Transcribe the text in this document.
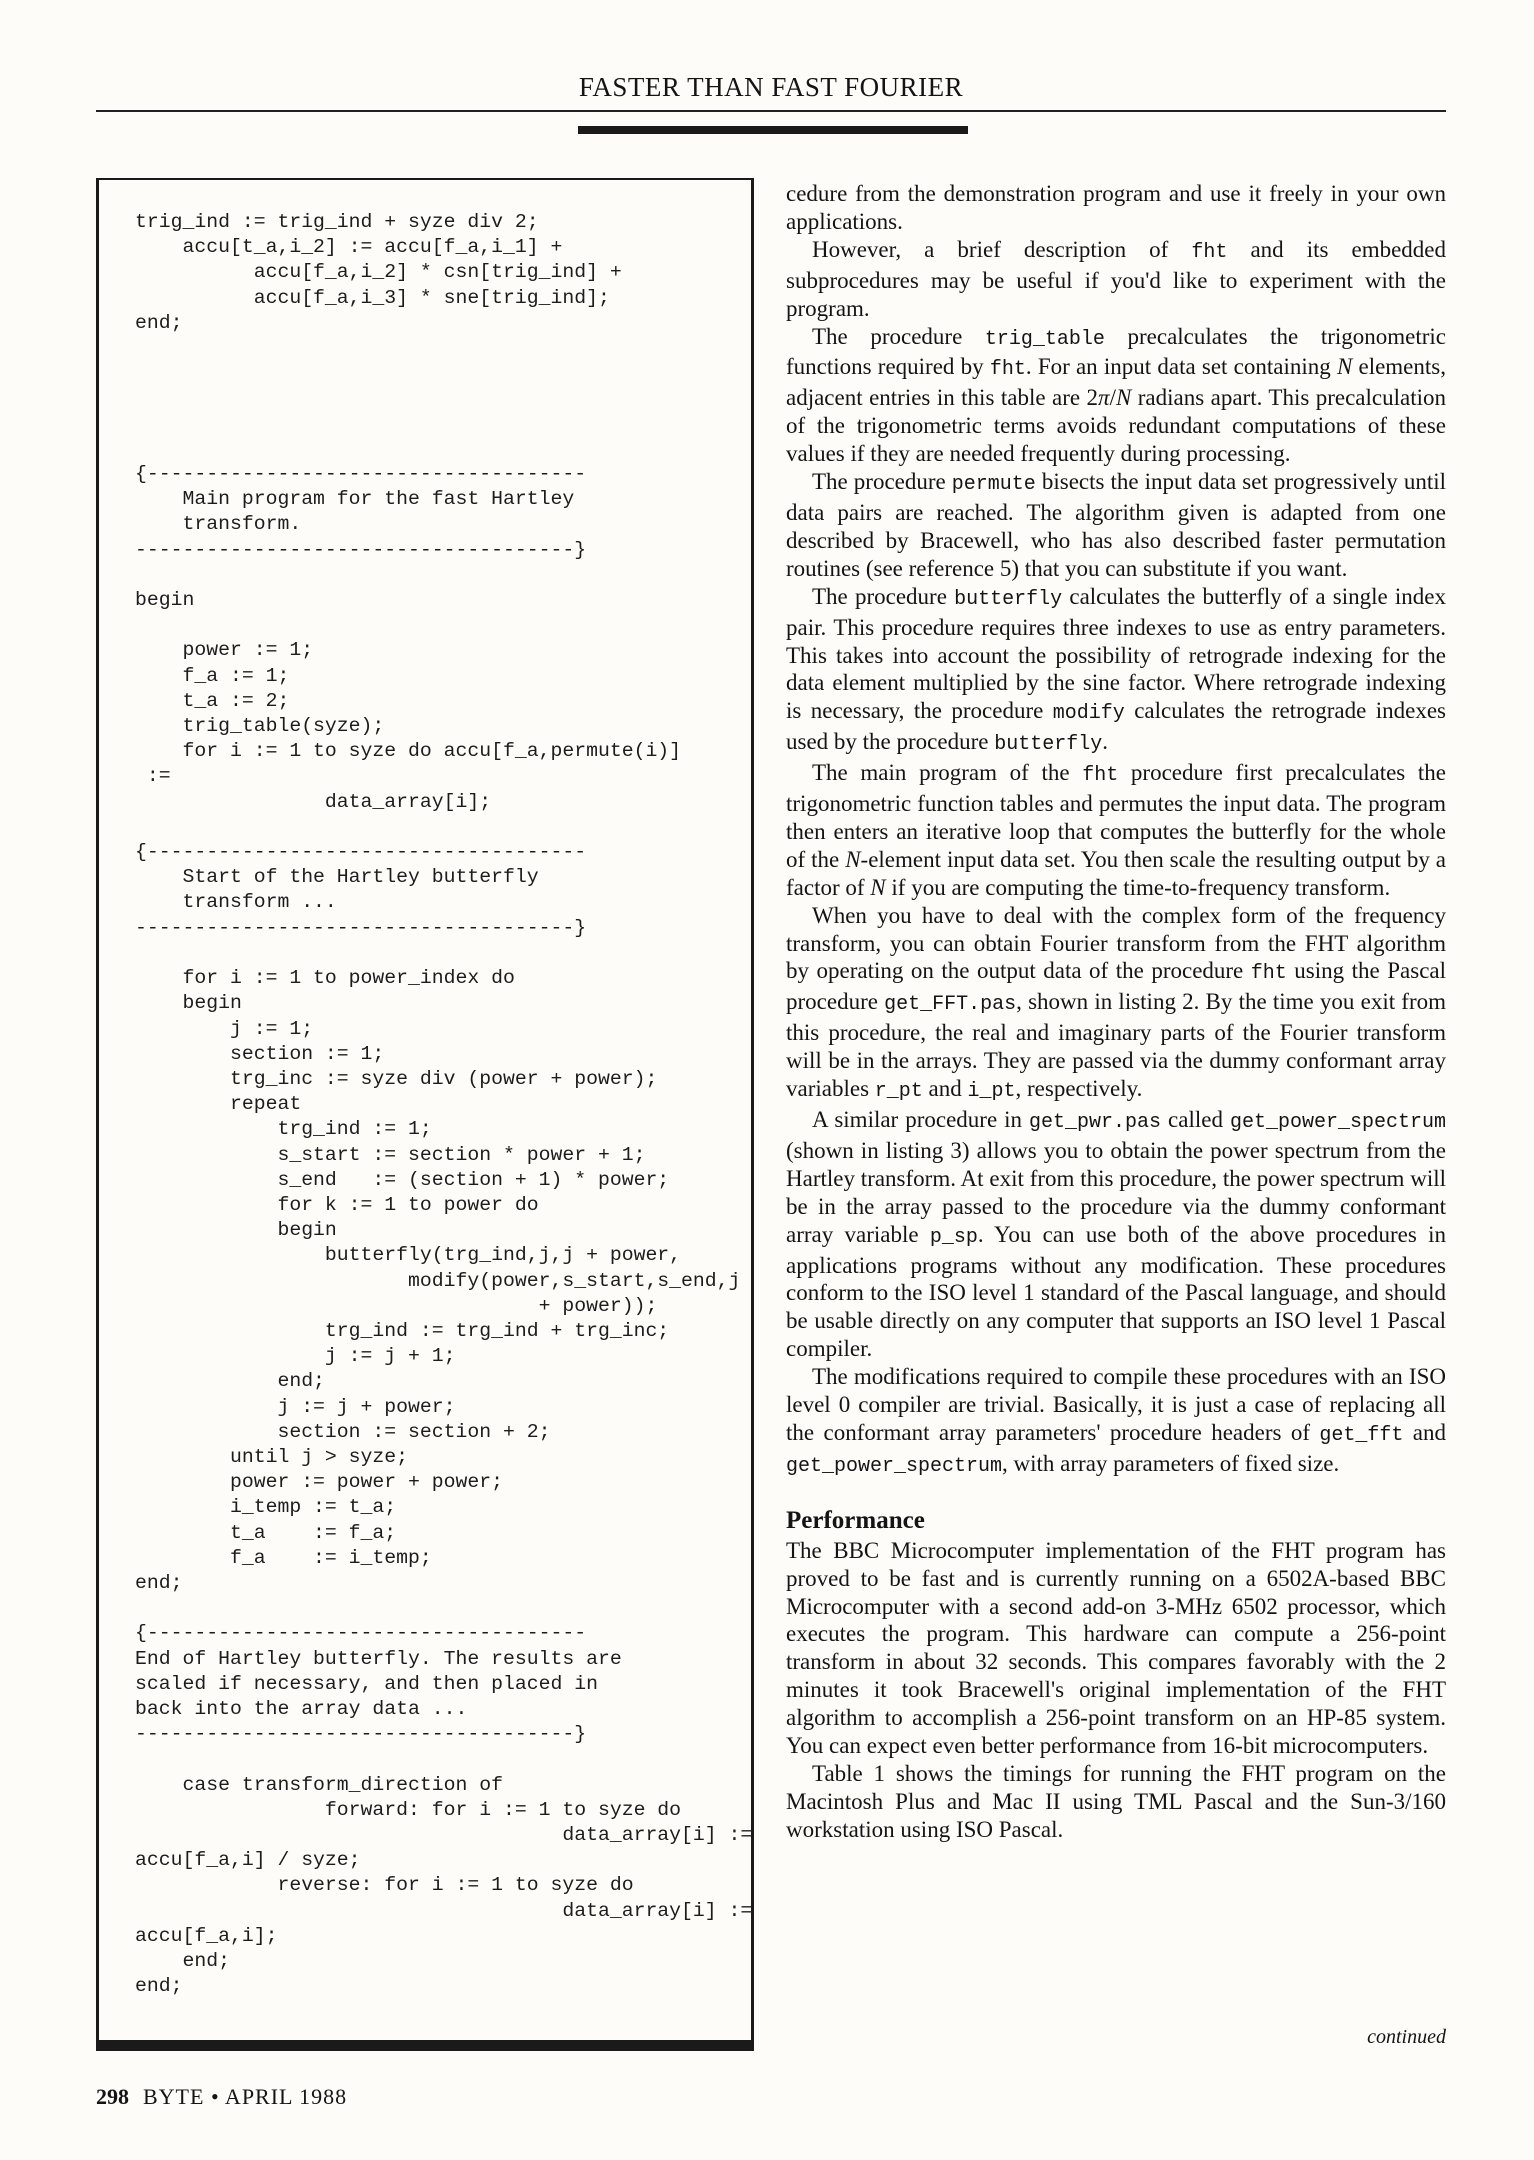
FASTER THAN FAST FOURIER
trig_ind := trig_ind + syze div 2;
accu[t_a,i_2] := accu[f_a,i_1] +
accu[f_a,i_2] * csn[trig_ind] +
accu[f_a,i_3] * sne[trig_ind];
end;

{-------------------------------------
Main program for the fast Hartley
transform.
-------------------------------------}

begin

power := 1;
f_a := 1;
t_a := 2;
trig_table(syze);
for i := 1 to syze do accu[f_a,permute(i)]
:=
data_array[i];

{-------------------------------------
Start of the Hartley butterfly
transform ...
-------------------------------------}

for i := 1 to power_index do
begin
j := 1;
section := 1;
trg_inc := syze div (power + power);
repeat
trg_ind := 1;
s_start := section * power + 1;
s_end   := (section + 1) * power;
for k := 1 to power do
begin
butterfly(trg_ind,j,j + power,
modify(power,s_start,s_end,j
+ power));
trg_ind := trg_ind + trg_inc;
j := j + 1;
end;
j := j + power;
section := section + 2;
until j > syze;
power := power + power;
i_temp := t_a;
t_a    := f_a;
f_a    := i_temp;
end;

{-------------------------------------
End of Hartley butterfly. The results are
scaled if necessary, and then placed in
back into the array data ...
-------------------------------------}

case transform_direction of
forward: for i := 1 to syze do
data_array[i] :=
accu[f_a,i] / syze;
reverse: for i := 1 to syze do
data_array[i] :=
accu[f_a,i];
end;
end;

cedure from the demonstration program and use it freely in your own applications.

However, a brief description of fht and its embedded subprocedures may be useful if you'd like to experiment with the program.

The procedure trig_table precalculates the trigonometric functions required by fht. For an input data set containing N elements, adjacent entries in this table are 2π/N radians apart. This precalculation of the trigonometric terms avoids redundant computations of these values if they are needed frequently during processing.

The procedure permute bisects the input data set progressively until data pairs are reached. The algorithm given is adapted from one described by Bracewell, who has also described faster permutation routines (see reference 5) that you can substitute if you want.

The procedure butterfly calculates the butterfly of a single index pair. This procedure requires three indexes to use as entry parameters. This takes into account the possibility of retrograde indexing for the data element multiplied by the sine factor. Where retrograde indexing is necessary, the procedure modify calculates the retrograde indexes used by the procedure butterfly.

The main program of the fht procedure first precalculates the trigonometric function tables and permutes the input data. The program then enters an iterative loop that computes the butterfly for the whole of the N-element input data set. You then scale the resulting output by a factor of N if you are computing the time-to-frequency transform.

When you have to deal with the complex form of the frequency transform, you can obtain Fourier transform from the FHT algorithm by operating on the output data of the procedure fht using the Pascal procedure get_FFT.pas, shown in listing 2. By the time you exit from this procedure, the real and imaginary parts of the Fourier transform will be in the arrays. They are passed via the dummy conformant array variables r_pt and i_pt, respectively.

A similar procedure in get_pwr.pas called get_power_spectrum (shown in listing 3) allows you to obtain the power spectrum from the Hartley transform. At exit from this procedure, the power spectrum will be in the array passed to the procedure via the dummy conformant array variable p_sp. You can use both of the above procedures in applications programs without any modification. These procedures conform to the ISO level 1 standard of the Pascal language, and should be usable directly on any computer that supports an ISO level 1 Pascal compiler.

The modifications required to compile these procedures with an ISO level 0 compiler are trivial. Basically, it is just a case of replacing all the conformant array parameters' procedure headers of get_fft and get_power_spectrum, with array parameters of fixed size.

Performance

The BBC Microcomputer implementation of the FHT program has proved to be fast and is currently running on a 6502A-based BBC Microcomputer with a second add-on 3-MHz 6502 processor, which executes the program. This hardware can compute a 256-point transform in about 32 seconds. This compares favorably with the 2 minutes it took Bracewell's original implementation of the FHT algorithm to accomplish a 256-point transform on an HP-85 system. You can expect even better performance from 16-bit microcomputers.

Table 1 shows the timings for running the FHT program on the Macintosh Plus and Mac II using TML Pascal and the Sun-3/160 workstation using ISO Pascal.

continued
298 BYTE • APRIL 1988
